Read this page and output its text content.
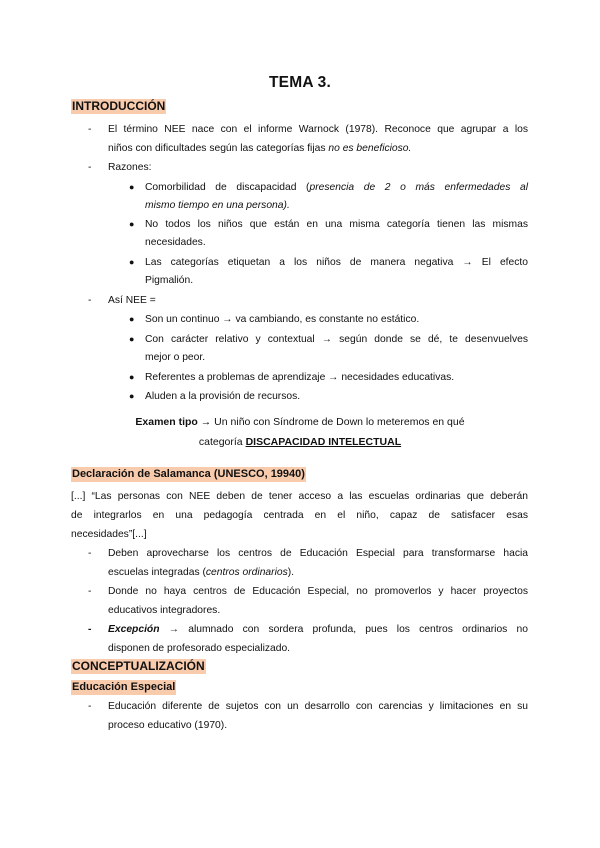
TEMA 3.
INTRODUCCIÓN
- El término NEE nace con el informe Warnock (1978). Reconoce que agrupar a los
niños con dificultades según las categorías fijas no es beneficioso.
- Razones:
● Comorbilidad de discapacidad (presencia de 2 o más enfermedades al
mismo tiempo en una persona).
● No todos los niños que están en una misma categoría tienen las mismas
necesidades.
● Las categorías etiquetan a los niños de manera negativa → El efecto
Pigmalión.
- Así NEE =
● Son un continuo → va cambiando, es constante no estático.
● Con carácter relativo y contextual → según donde se dé, te desenvuelves
mejor o peor.
● Referentes a problemas de aprendizaje → necesidades educativas.
● Aluden a la provisión de recursos.
Examen tipo → Un niño con Síndrome de Down lo meteremos en qué
categoría DISCAPACIDAD INTELECTUAL
Declaración de Salamanca (UNESCO, 19940)
[...] “Las personas con NEE deben de tener acceso a las escuelas ordinarias que deberán
de integrarlos en una pedagogía centrada en el niño, capaz de satisfacer esas
necesidades”[...]
- Deben aprovecharse los centros de Educación Especial para transformarse hacia
escuelas integradas (centros ordinarios).
- Donde no haya centros de Educación Especial, no promoverlos y hacer proyectos
educativos integradores.
- Excepción → alumnado con sordera profunda, pues los centros ordinarios no
disponen de profesorado especializado.
CONCEPTUALIZACIÓN
Educación Especial
- Educación diferente de sujetos con un desarrollo con carencias y limitaciones en su
proceso educativo (1970).
